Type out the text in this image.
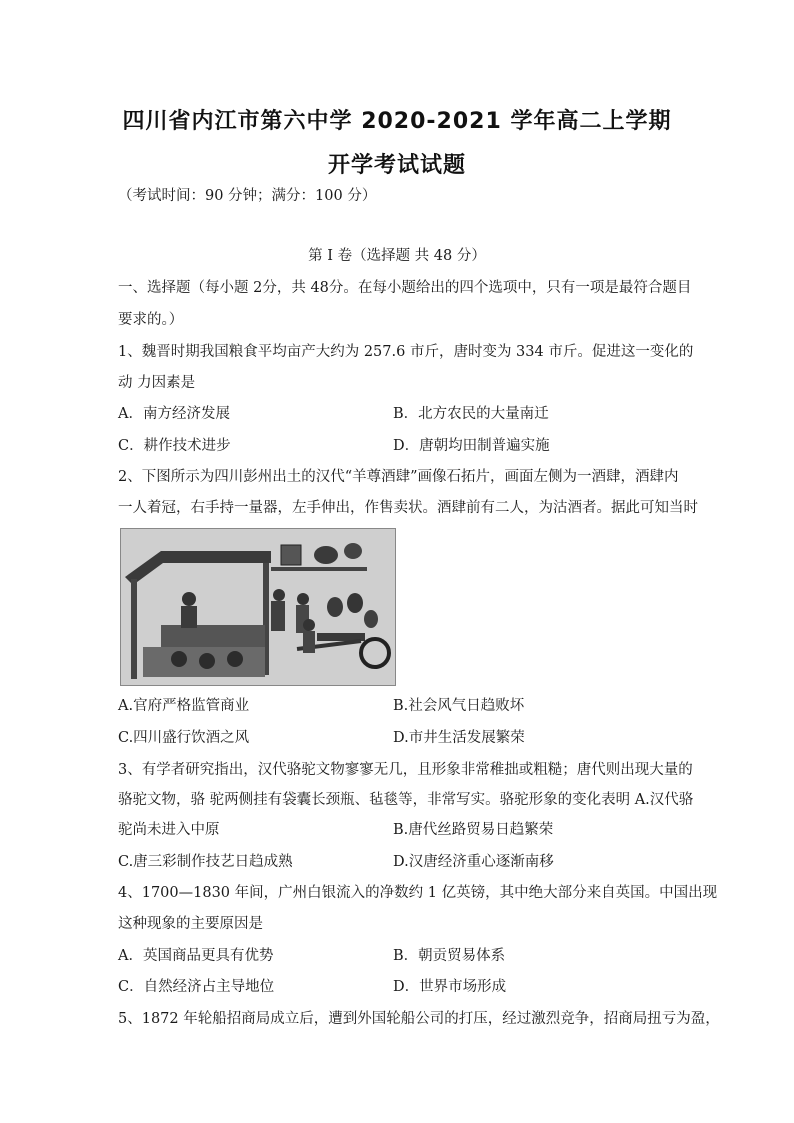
四川省内江市第六中学 2020-2021 学年高二上学期
开学考试试题
（考试时间：90 分钟；满分：100 分）
第 I 卷（选择题 共 48 分）
一、选择题（每小题 2分，共 48分。在每小题给出的四个选项中，只有一项是最符合题目
要求的。）
1、魏晋时期我国粮食平均亩产大约为 257.6 市斤，唐时变为 334 市斤。促进这一变化的
动 力因素是
A．南方经济发展	B．北方农民的大量南迁
C．耕作技术进步	D．唐朝均田制普遍实施
2、下图所示为四川彭州出土的汉代“羊尊酒肆”画像石拓片，画面左侧为一酒肆，酒肆内
一人着冠，右手持一量器，左手伸出，作售卖状。酒肆前有二人，为沽酒者。据此可知当时
A.官府严格监管商业	B.社会风气日趋败坏
C.四川盛行饮酒之风	D.市井生活发展繁荣
3、有学者研究指出，汉代骆驼文物寥寥无几，且形象非常稚拙或粗糙；唐代则出现大量的
骆驼文物，骆 驼两侧挂有袋囊长颈瓶、毡毯等，非常写实。骆驼形象的变化表明 A.汉代骆
驼尚未进入中原	B.唐代丝路贸易日趋繁荣
C.唐三彩制作技艺日趋成熟	D.汉唐经济重心逐渐南移
4、1700—1830 年间，广州白银流入的净数约 1 亿英镑，其中绝大部分来自英国。中国出现
这种现象的主要原因是
A．英国商品更具有优势	B．朝贡贸易体系
C．自然经济占主导地位	D．世界市场形成
5、1872 年轮船招商局成立后，遭到外国轮船公司的打压，经过激烈竞争，招商局扭亏为盈，
